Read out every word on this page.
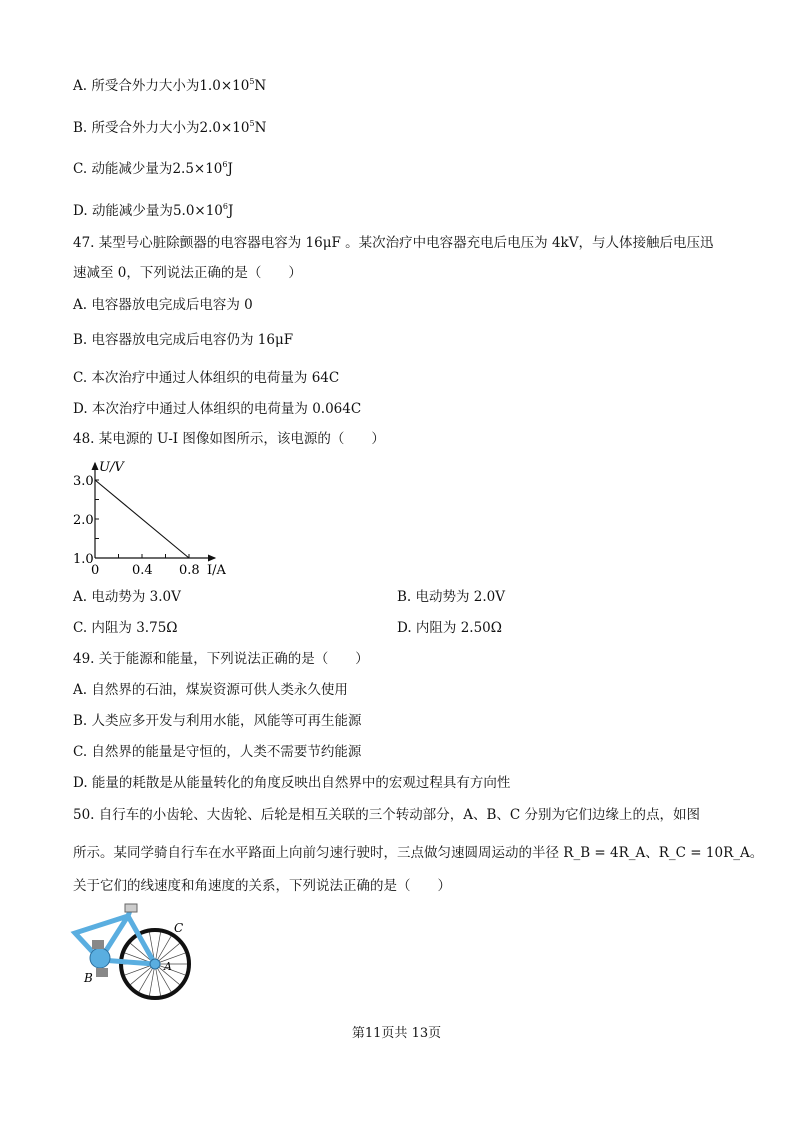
A. 所受合外力大小为$1.0\times 10^5N$
B. 所受合外力大小为$2.0\times 10^5N$
C. 动能减少量为$2.5\times 10^6J$
D. 动能减少量为$5.0\times 10^6J$
47. 某型号心脏除颤器的电容器电容为 16μF 。某次治疗中电容器充电后电压为 4kV，与人体接触后电压迅
速减至 0，下列说法正确的是（　　）
A. 电容器放电完成后电容为 0
B. 电容器放电完成后电容仍为 16μF
C. 本次治疗中通过人体组织的电荷量为 64C
D. 本次治疗中通过人体组织的电荷量为 0.064C
48. 某电源的 U-I 图像如图所示，该电源的（　　）
U/V
I/A
3.0
2.0
1.0
0	0.4 0.8
A. 电动势为 3.0V	B. 电动势为 2.0V
C. 内阻为 3.75Ω	D. 内阻为 2.50Ω
49. 关于能源和能量，下列说法正确的是（　　）
A. 自然界的石油，煤炭资源可供人类永久使用
B. 人类应多开发与利用水能，风能等可再生能源
C. 自然界的能量是守恒的，人类不需要节约能源
D. 能量的耗散是从能量转化的角度反映出自然界中的宏观过程具有方向性
50. 自行车的小齿轮、大齿轮、后轮是相互关联的三个转动部分，A、B、C 分别为它们边缘上的点，如图
所示。某同学骑自行车在水平路面上向前匀速行驶时，三点做匀速圆周运动的半径 R_B = 4R_A、R_C = 10R_A。
关于它们的线速度和角速度的关系，下列说法正确的是（　　）
C
B
A
第11页共 13页
